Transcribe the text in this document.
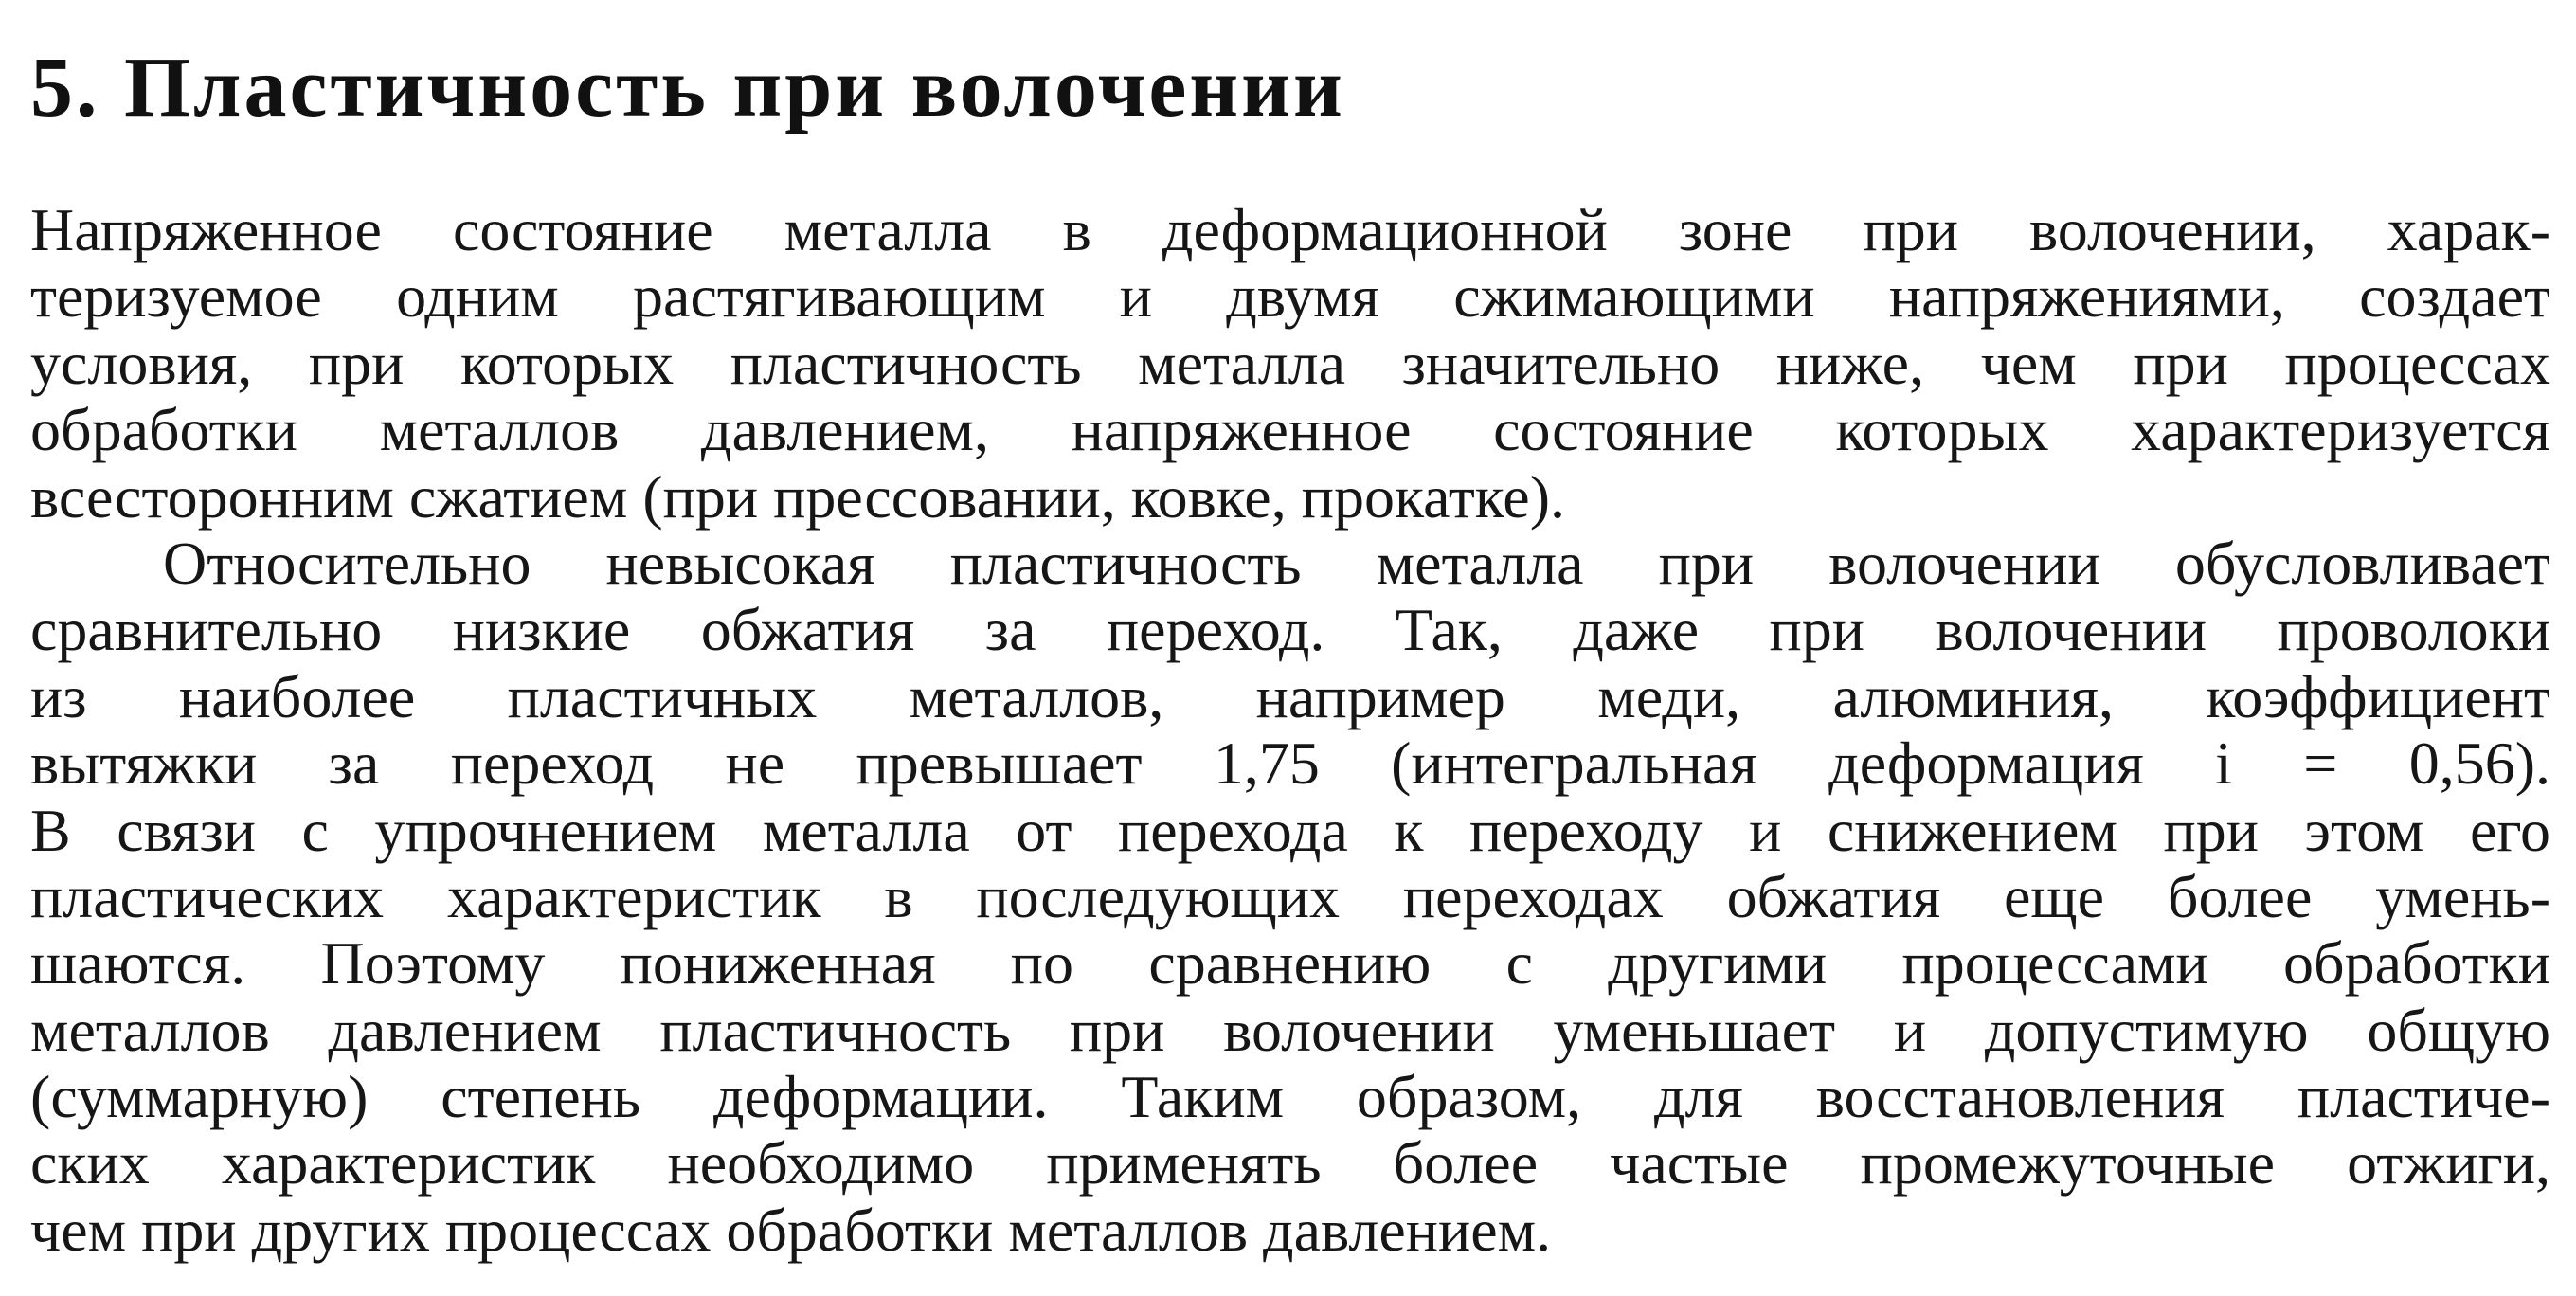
5. Пластичность при волочении
Напряженное состояние металла в деформационной зоне при волочении, харак-
теризуемое одним растягивающим и двумя сжимающими напряжениями, создает
условия, при которых пластичность металла значительно ниже, чем при процессах
обработки металлов давлением, напряженное состояние которых характеризуется
всесторонним сжатием (при прессовании, ковке, прокатке).
Относительно невысокая пластичность металла при волочении обусловливает
сравнительно низкие обжатия за переход. Так, даже при волочении проволоки
из наиболее пластичных металлов, например меди, алюминия, коэффициент
вытяжки за переход не превышает 1,75 (интегральная деформация i = 0,56).
В связи с упрочнением металла от перехода к переходу и снижением при этом его
пластических характеристик в последующих переходах обжатия еще более умень-
шаются. Поэтому пониженная по сравнению с другими процессами обработки
металлов давлением пластичность при волочении уменьшает и допустимую общую
(суммарную) степень деформации. Таким образом, для восстановления пластиче-
ских характеристик необходимо применять более частые промежуточные отжиги,
чем при других процессах обработки металлов давлением.
